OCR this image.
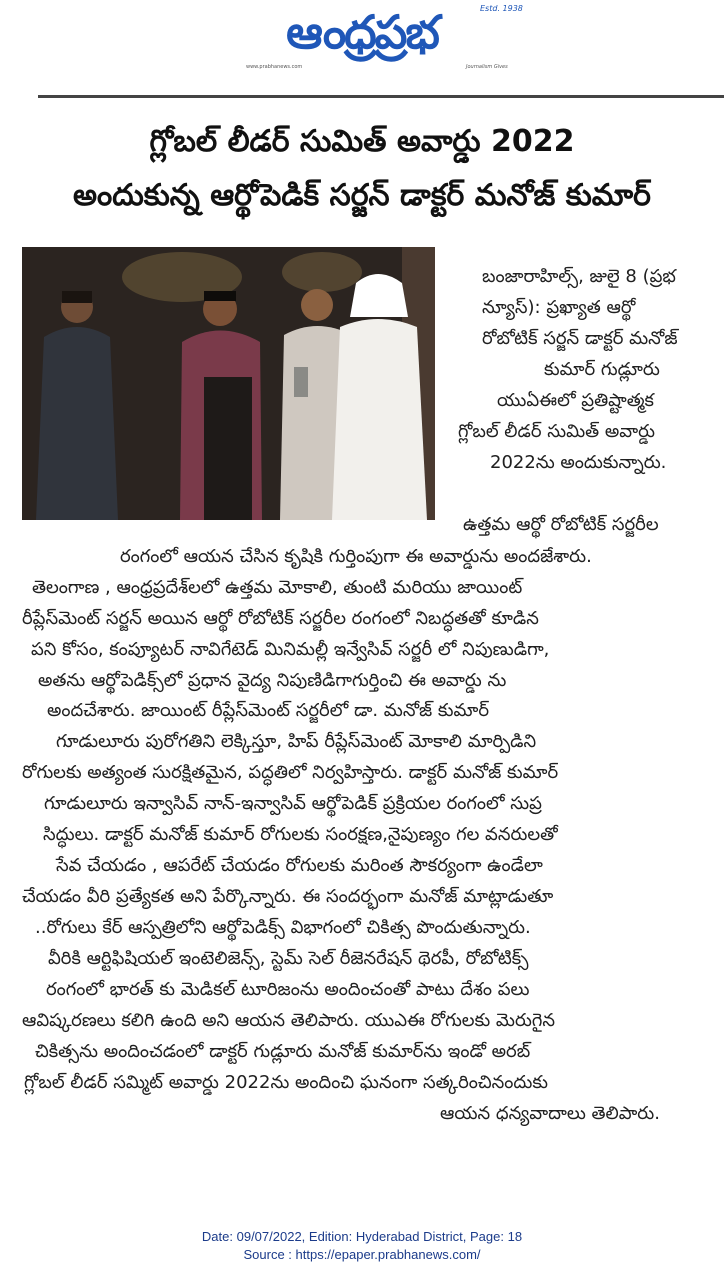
ఆంధ్రప్రభ	Estd. 1938
www.prabhanews.com	Journalism Gives
గ్లోబల్ లీడర్ సుమిత్ అవార్డు 2022
అందుకున్న ఆర్థోపెడిక్ సర్జన్ డాక్టర్ మనోజ్ కుమార్
బంజారాహిల్స్, జులై 8 (ప్రభ
న్యూస్): ప్రఖ్యాత ఆర్థో
రోబోటిక్ సర్జన్ డాక్టర్ మనోజ్
కుమార్ గుడ్లూరు
యుఏఈలో ప్రతిష్టాత్మక
గ్లోబల్ లీడర్ సుమిత్ అవార్డు
2022ను అందుకున్నారు.
ఉత్తమ ఆర్థో రోబోటిక్ సర్జరీల
రంగంలో ఆయన చేసిన కృషికి గుర్తింపుగా ఈ అవార్డును అందజేశారు.
తెలంగాణ , ఆంధ్రప్రదేశ్‌లలో ఉత్తమ మోకాలి, తుంటి మరియు జాయింట్
రీప్లేస్‌మెంట్ సర్జన్ అయిన ఆర్థో రోబోటిక్ సర్జరీల రంగంలో నిబద్ధతతో కూడిన
పని కోసం, కంప్యూటర్ నావిగేటెడ్ మినిమల్లీ ఇన్వేసివ్ సర్జరీ లో నిపుణుడిగా,
అతను ఆర్థోపెడిక్స్‌లో ప్రధాన వైద్య నిపుణిడిగాగుర్తించి ఈ అవార్డు ను
అందచేశారు. జాయింట్ రీప్లేస్‌మెంట్ సర్జరీలో డా. మనోజ్ కుమార్
గూడులూరు పురోగతిని లెక్కిస్తూ, హిప్ రీప్లేస్‌మెంట్ మోకాలి మార్పిడిని
రోగులకు అత్యంత సురక్షితమైన, పద్ధతిలో నిర్వహిస్తారు. డాక్టర్ మనోజ్ కుమార్
గూడులూరు ఇన్వాసివ్ నాన్-ఇన్వాసివ్ ఆర్థోపెడిక్ ప్రక్రియల రంగంలో సుప్ర
సిద్ధులు. డాక్టర్ మనోజ్ కుమార్ రోగులకు సంరక్షణ,నైపుణ్యం గల వనరులతో
సేవ చేయడం , ఆపరేట్ చేయడం రోగులకు మరింత సౌకర్యంగా ఉండేలా
చేయడం వీరి ప్రత్యేకత అని పేర్కొన్నారు. ఈ సందర్భంగా మనోజ్ మాట్లాడుతూ
..రోగులు కేర్ ఆస్పత్రిలోని ఆర్థోపెడిక్స్ విభాగంలో చికిత్స పొందుతున్నారు.
వీరికి ఆర్టిఫిషియల్ ఇంటెలిజెన్స్, స్టెమ్ సెల్ రీజెనరేషన్ థెరపీ, రోబోటిక్స్
రంగంలో భారత్ కు మెడికల్ టూరిజంను అందించంతో పాటు దేశం పలు
ఆవిష్కరణలు కలిగి ఉంది అని ఆయన తెలిపారు. యుఎఈ రోగులకు మెరుగైన
చికిత్సను అందించడంలో డాక్టర్ గుడ్లూరు మనోజ్ కుమార్‌ను ఇండో అరబ్
గ్లోబల్ లీడర్ సమ్మిట్ అవార్డు 2022ను అందించి ఘనంగా సత్కరించినందుకు
ఆయన ధన్యవాదాలు తెలిపారు.
Date: 09/07/2022, Edition: Hyderabad District, Page: 18
Source : https://epaper.prabhanews.com/
